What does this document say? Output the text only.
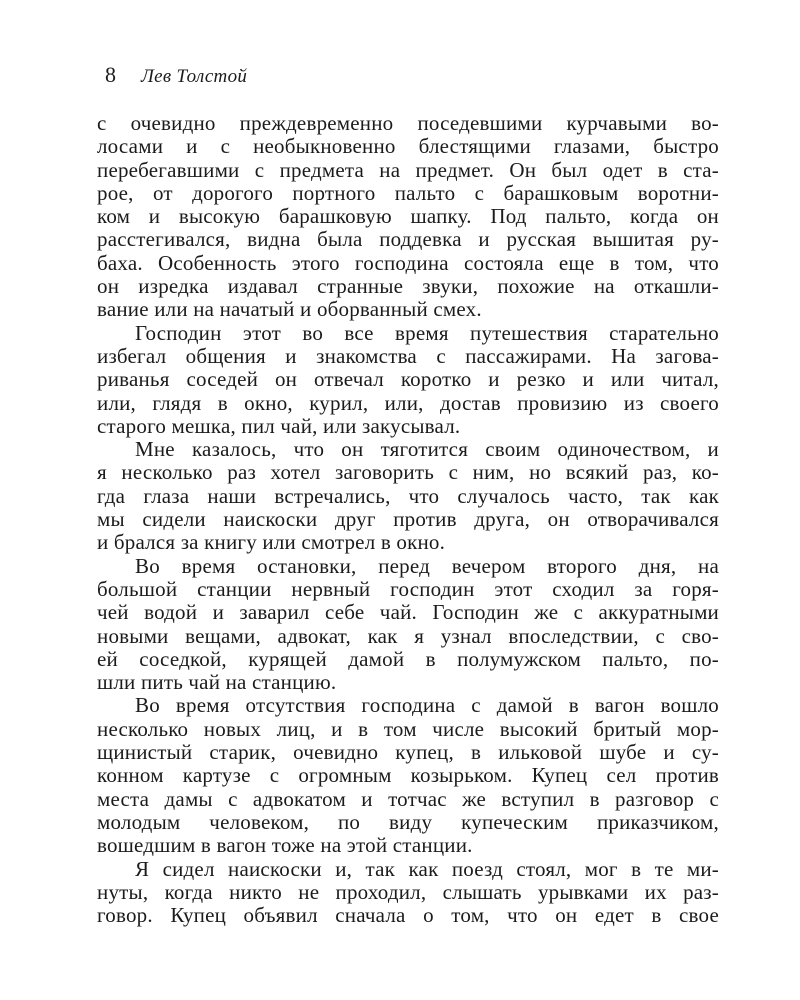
8 Лев Толстой
с очевидно преждевременно поседевшими курчавыми во-
лосами и с необыкновенно блестящими глазами, быстро
перебегавшими с предмета на предмет. Он был одет в ста-
рое, от дорогого портного пальто с барашковым воротни-
ком и высокую барашковую шапку. Под пальто, когда он
расстегивался, видна была поддевка и русская вышитая ру-
баха. Особенность этого господина состояла еще в том, что
он изредка издавал странные звуки, похожие на откашли-
вание или на начатый и оборванный смех.
Господин этот во все время путешествия старательно
избегал общения и знакомства с пассажирами. На загова-
риванья соседей он отвечал коротко и резко и или читал,
или, глядя в окно, курил, или, достав провизию из своего
старого мешка, пил чай, или закусывал.
Мне казалось, что он тяготится своим одиночеством, и
я несколько раз хотел заговорить с ним, но всякий раз, ко-
гда глаза наши встречались, что случалось часто, так как
мы сидели наискоски друг против друга, он отворачивался
и брался за книгу или смотрел в окно.
Во время остановки, перед вечером второго дня, на
большой станции нервный господин этот сходил за горя-
чей водой и заварил себе чай. Господин же с аккуратными
новыми вещами, адвокат, как я узнал впоследствии, с сво-
ей соседкой, курящей дамой в полумужском пальто, по-
шли пить чай на станцию.
Во время отсутствия господина с дамой в вагон вошло
несколько новых лиц, и в том числе высокий бритый мор-
щинистый старик, очевидно купец, в ильковой шубе и су-
конном картузе с огромным козырьком. Купец сел против
места дамы с адвокатом и тотчас же вступил в разговор с
молодым человеком, по виду купеческим приказчиком,
вошедшим в вагон тоже на этой станции.
Я сидел наискоски и, так как поезд стоял, мог в те ми-
нуты, когда никто не проходил, слышать урывками их раз-
говор. Купец объявил сначала о том, что он едет в свое
